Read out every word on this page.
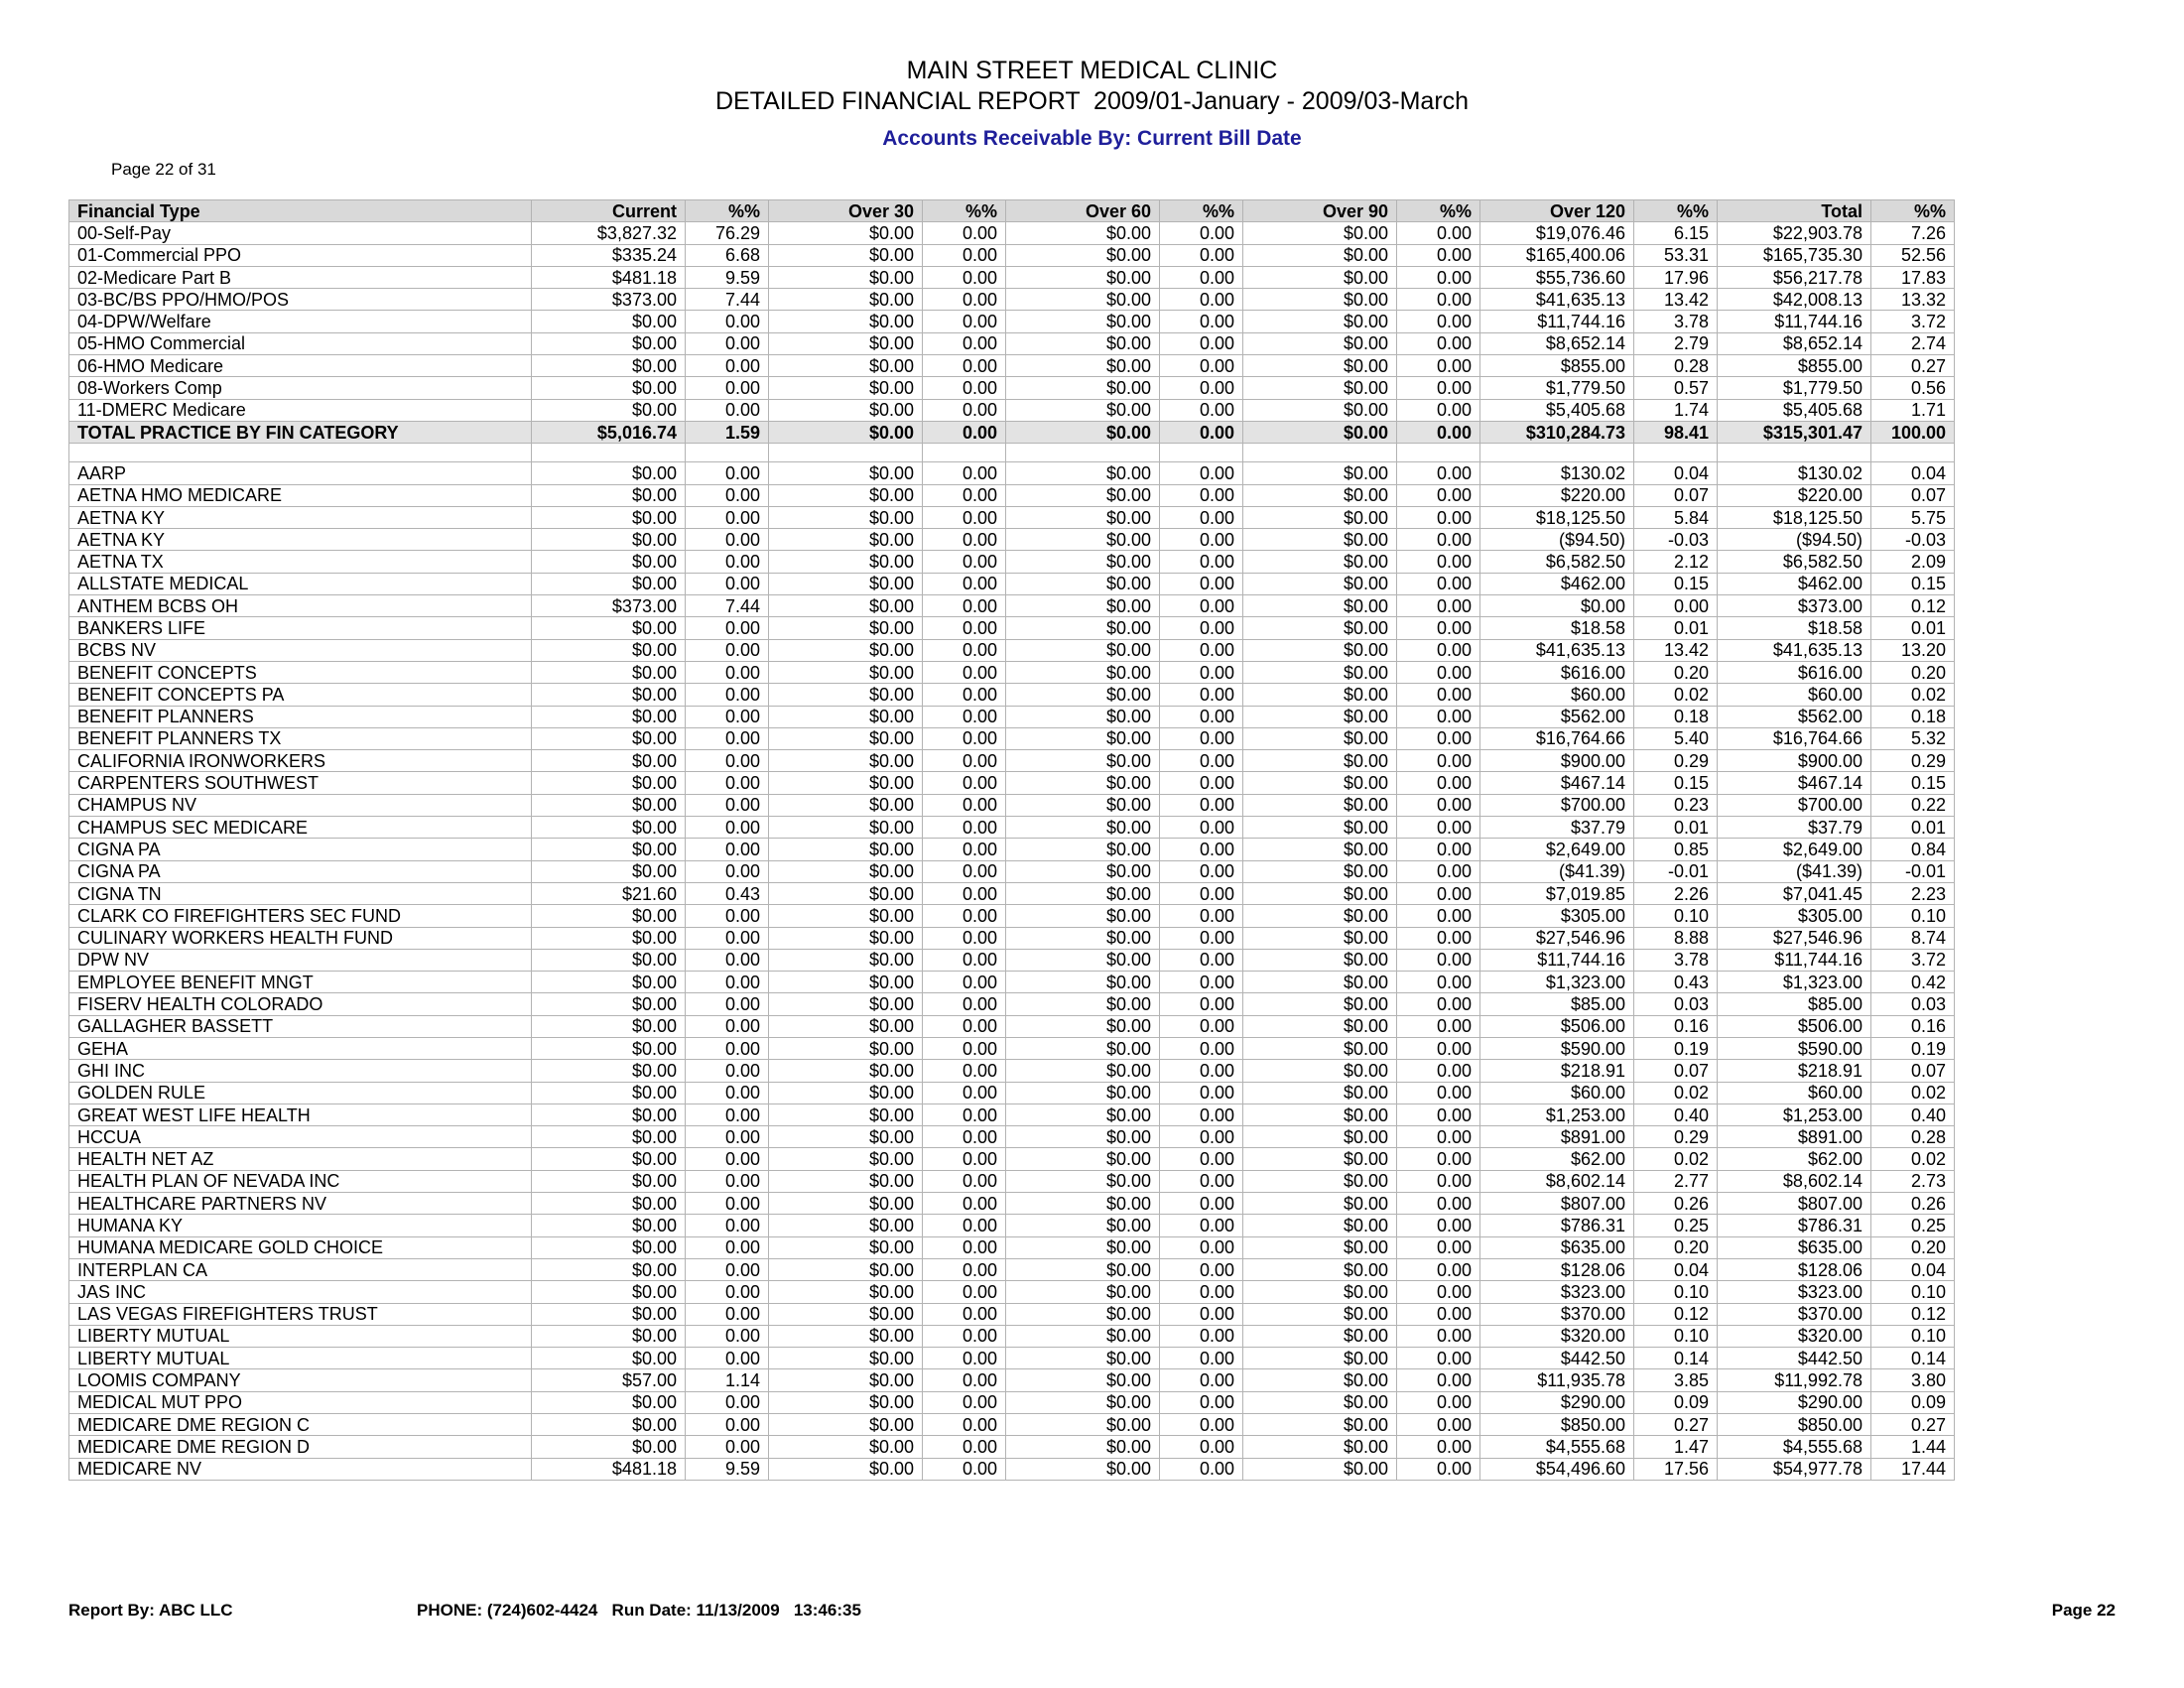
MAIN STREET MEDICAL CLINIC
DETAILED FINANCIAL REPORT  2009/01-January - 2009/03-March
Accounts Receivable By: Current Bill Date
Page 22 of 31
Financial Type	Current	%%	Over 30	%%	Over 60	%%	Over 90	%%	Over 120	%%	Total	%%
00-Self-Pay	$3,827.32	76.29	$0.00	0.00	$0.00	0.00	$0.00	0.00	$19,076.46	6.15	$22,903.78	7.26
01-Commercial PPO	$335.24	6.68	$0.00	0.00	$0.00	0.00	$0.00	0.00	$165,400.06	53.31	$165,735.30	52.56
02-Medicare Part B	$481.18	9.59	$0.00	0.00	$0.00	0.00	$0.00	0.00	$55,736.60	17.96	$56,217.78	17.83
03-BC/BS PPO/HMO/POS	$373.00	7.44	$0.00	0.00	$0.00	0.00	$0.00	0.00	$41,635.13	13.42	$42,008.13	13.32
04-DPW/Welfare	$0.00	0.00	$0.00	0.00	$0.00	0.00	$0.00	0.00	$11,744.16	3.78	$11,744.16	3.72
05-HMO Commercial	$0.00	0.00	$0.00	0.00	$0.00	0.00	$0.00	0.00	$8,652.14	2.79	$8,652.14	2.74
06-HMO Medicare	$0.00	0.00	$0.00	0.00	$0.00	0.00	$0.00	0.00	$855.00	0.28	$855.00	0.27
08-Workers Comp	$0.00	0.00	$0.00	0.00	$0.00	0.00	$0.00	0.00	$1,779.50	0.57	$1,779.50	0.56
11-DMERC Medicare	$0.00	0.00	$0.00	0.00	$0.00	0.00	$0.00	0.00	$5,405.68	1.74	$5,405.68	1.71
TOTAL PRACTICE BY FIN CATEGORY	$5,016.74	1.59	$0.00	0.00	$0.00	0.00	$0.00	0.00	$310,284.73	98.41	$315,301.47	100.00

AARP	$0.00	0.00	$0.00	0.00	$0.00	0.00	$0.00	0.00	$130.02	0.04	$130.02	0.04
AETNA HMO MEDICARE	$0.00	0.00	$0.00	0.00	$0.00	0.00	$0.00	0.00	$220.00	0.07	$220.00	0.07
AETNA KY	$0.00	0.00	$0.00	0.00	$0.00	0.00	$0.00	0.00	$18,125.50	5.84	$18,125.50	5.75
AETNA KY	$0.00	0.00	$0.00	0.00	$0.00	0.00	$0.00	0.00	($94.50)	-0.03	($94.50)	-0.03
AETNA TX	$0.00	0.00	$0.00	0.00	$0.00	0.00	$0.00	0.00	$6,582.50	2.12	$6,582.50	2.09
ALLSTATE MEDICAL	$0.00	0.00	$0.00	0.00	$0.00	0.00	$0.00	0.00	$462.00	0.15	$462.00	0.15
ANTHEM BCBS OH	$373.00	7.44	$0.00	0.00	$0.00	0.00	$0.00	0.00	$0.00	0.00	$373.00	0.12
BANKERS LIFE	$0.00	0.00	$0.00	0.00	$0.00	0.00	$0.00	0.00	$18.58	0.01	$18.58	0.01
BCBS NV	$0.00	0.00	$0.00	0.00	$0.00	0.00	$0.00	0.00	$41,635.13	13.42	$41,635.13	13.20
BENEFIT CONCEPTS	$0.00	0.00	$0.00	0.00	$0.00	0.00	$0.00	0.00	$616.00	0.20	$616.00	0.20
BENEFIT CONCEPTS PA	$0.00	0.00	$0.00	0.00	$0.00	0.00	$0.00	0.00	$60.00	0.02	$60.00	0.02
BENEFIT PLANNERS	$0.00	0.00	$0.00	0.00	$0.00	0.00	$0.00	0.00	$562.00	0.18	$562.00	0.18
BENEFIT PLANNERS TX	$0.00	0.00	$0.00	0.00	$0.00	0.00	$0.00	0.00	$16,764.66	5.40	$16,764.66	5.32
CALIFORNIA IRONWORKERS	$0.00	0.00	$0.00	0.00	$0.00	0.00	$0.00	0.00	$900.00	0.29	$900.00	0.29
CARPENTERS SOUTHWEST	$0.00	0.00	$0.00	0.00	$0.00	0.00	$0.00	0.00	$467.14	0.15	$467.14	0.15
CHAMPUS NV	$0.00	0.00	$0.00	0.00	$0.00	0.00	$0.00	0.00	$700.00	0.23	$700.00	0.22
CHAMPUS SEC MEDICARE	$0.00	0.00	$0.00	0.00	$0.00	0.00	$0.00	0.00	$37.79	0.01	$37.79	0.01
CIGNA PA	$0.00	0.00	$0.00	0.00	$0.00	0.00	$0.00	0.00	$2,649.00	0.85	$2,649.00	0.84
CIGNA PA	$0.00	0.00	$0.00	0.00	$0.00	0.00	$0.00	0.00	($41.39)	-0.01	($41.39)	-0.01
CIGNA TN	$21.60	0.43	$0.00	0.00	$0.00	0.00	$0.00	0.00	$7,019.85	2.26	$7,041.45	2.23
CLARK CO FIREFIGHTERS SEC FUND	$0.00	0.00	$0.00	0.00	$0.00	0.00	$0.00	0.00	$305.00	0.10	$305.00	0.10
CULINARY WORKERS HEALTH FUND	$0.00	0.00	$0.00	0.00	$0.00	0.00	$0.00	0.00	$27,546.96	8.88	$27,546.96	8.74
DPW NV	$0.00	0.00	$0.00	0.00	$0.00	0.00	$0.00	0.00	$11,744.16	3.78	$11,744.16	3.72
EMPLOYEE BENEFIT MNGT	$0.00	0.00	$0.00	0.00	$0.00	0.00	$0.00	0.00	$1,323.00	0.43	$1,323.00	0.42
FISERV HEALTH COLORADO	$0.00	0.00	$0.00	0.00	$0.00	0.00	$0.00	0.00	$85.00	0.03	$85.00	0.03
GALLAGHER BASSETT	$0.00	0.00	$0.00	0.00	$0.00	0.00	$0.00	0.00	$506.00	0.16	$506.00	0.16
GEHA	$0.00	0.00	$0.00	0.00	$0.00	0.00	$0.00	0.00	$590.00	0.19	$590.00	0.19
GHI INC	$0.00	0.00	$0.00	0.00	$0.00	0.00	$0.00	0.00	$218.91	0.07	$218.91	0.07
GOLDEN RULE	$0.00	0.00	$0.00	0.00	$0.00	0.00	$0.00	0.00	$60.00	0.02	$60.00	0.02
GREAT WEST LIFE HEALTH	$0.00	0.00	$0.00	0.00	$0.00	0.00	$0.00	0.00	$1,253.00	0.40	$1,253.00	0.40
HCCUA	$0.00	0.00	$0.00	0.00	$0.00	0.00	$0.00	0.00	$891.00	0.29	$891.00	0.28
HEALTH NET AZ	$0.00	0.00	$0.00	0.00	$0.00	0.00	$0.00	0.00	$62.00	0.02	$62.00	0.02
HEALTH PLAN OF NEVADA INC	$0.00	0.00	$0.00	0.00	$0.00	0.00	$0.00	0.00	$8,602.14	2.77	$8,602.14	2.73
HEALTHCARE PARTNERS NV	$0.00	0.00	$0.00	0.00	$0.00	0.00	$0.00	0.00	$807.00	0.26	$807.00	0.26
HUMANA KY	$0.00	0.00	$0.00	0.00	$0.00	0.00	$0.00	0.00	$786.31	0.25	$786.31	0.25
HUMANA MEDICARE GOLD CHOICE	$0.00	0.00	$0.00	0.00	$0.00	0.00	$0.00	0.00	$635.00	0.20	$635.00	0.20
INTERPLAN CA	$0.00	0.00	$0.00	0.00	$0.00	0.00	$0.00	0.00	$128.06	0.04	$128.06	0.04
JAS INC	$0.00	0.00	$0.00	0.00	$0.00	0.00	$0.00	0.00	$323.00	0.10	$323.00	0.10
LAS VEGAS FIREFIGHTERS TRUST	$0.00	0.00	$0.00	0.00	$0.00	0.00	$0.00	0.00	$370.00	0.12	$370.00	0.12
LIBERTY MUTUAL	$0.00	0.00	$0.00	0.00	$0.00	0.00	$0.00	0.00	$320.00	0.10	$320.00	0.10
LIBERTY MUTUAL	$0.00	0.00	$0.00	0.00	$0.00	0.00	$0.00	0.00	$442.50	0.14	$442.50	0.14
LOOMIS COMPANY	$57.00	1.14	$0.00	0.00	$0.00	0.00	$0.00	0.00	$11,935.78	3.85	$11,992.78	3.80
MEDICAL MUT PPO	$0.00	0.00	$0.00	0.00	$0.00	0.00	$0.00	0.00	$290.00	0.09	$290.00	0.09
MEDICARE DME REGION C	$0.00	0.00	$0.00	0.00	$0.00	0.00	$0.00	0.00	$850.00	0.27	$850.00	0.27
MEDICARE DME REGION D	$0.00	0.00	$0.00	0.00	$0.00	0.00	$0.00	0.00	$4,555.68	1.47	$4,555.68	1.44
MEDICARE NV	$481.18	9.59	$0.00	0.00	$0.00	0.00	$0.00	0.00	$54,496.60	17.56	$54,977.78	17.44
Report By: ABC LLC	PHONE: (724)602-4424   Run Date: 11/13/2009   13:46:35	Page 22
